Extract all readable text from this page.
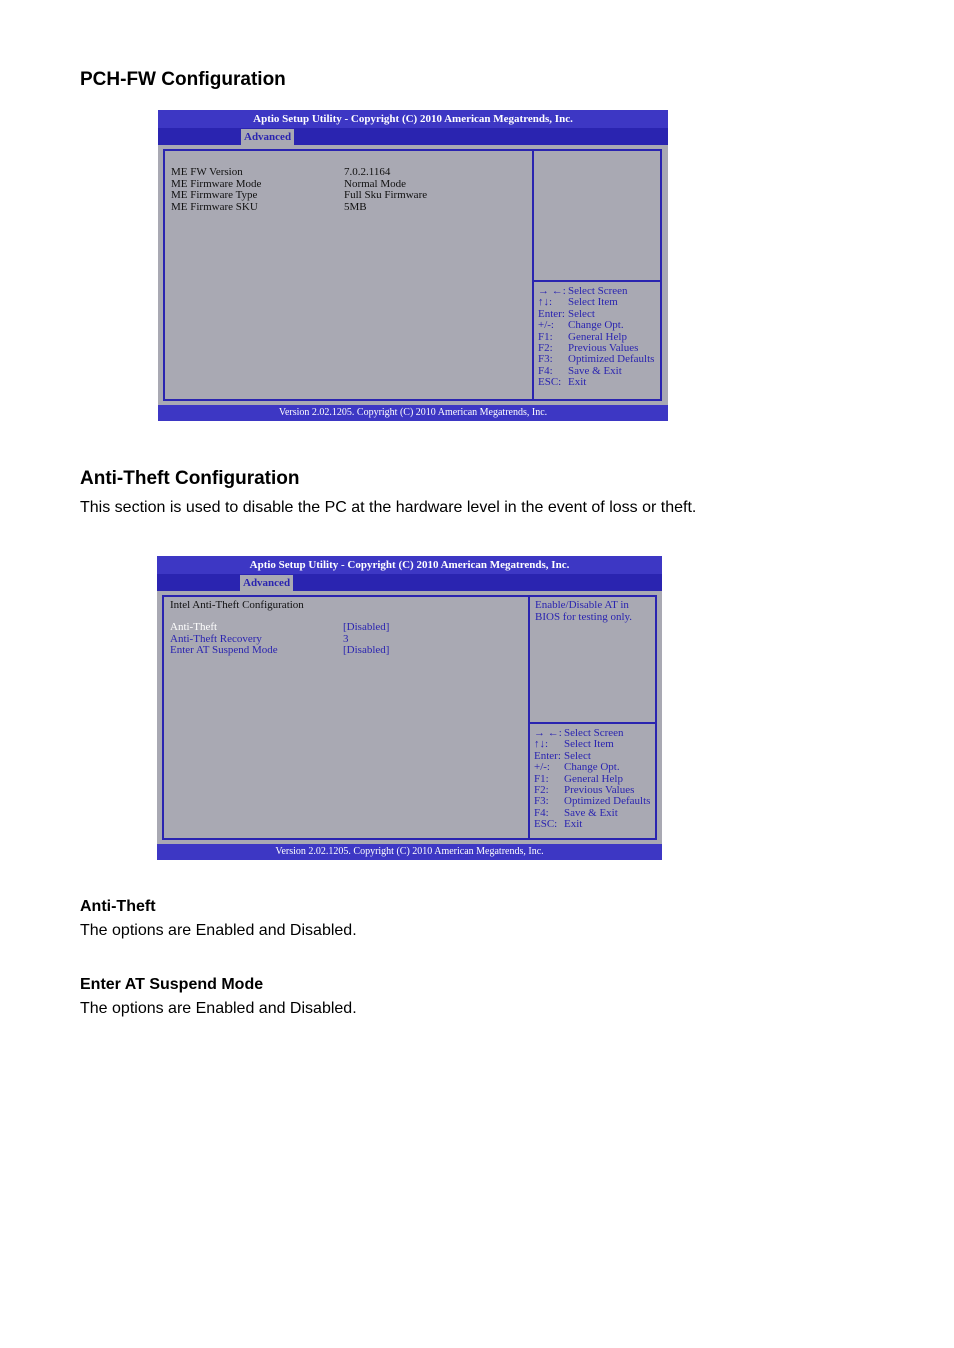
PCH-FW Configuration
Aptio Setup Utility - Copyright (C) 2010 American Megatrends, Inc.
Advanced
ME FW Version	7.0.2.1164
ME Firmware Mode	Normal Mode
ME Firmware Type	Full Sku Firmware
ME Firmware SKU	5MB
→ ←: Select Screen
↑↓: Select Item
Enter: Select
+/-: Change Opt.
F1: General Help
F2: Previous Values
F3: Optimized Defaults
F4: Save & Exit
ESC: Exit
Version 2.02.1205. Copyright (C) 2010 American Megatrends, Inc.
Anti-Theft Configuration

This section is used to disable the PC at the hardware level in the event of loss or theft.

Aptio Setup Utility - Copyright (C) 2010 American Megatrends, Inc.
Advanced
Intel Anti-Theft Configuration
Anti-Theft	[Disabled]
Anti-Theft Recovery	3
Enter AT Suspend Mode	[Disabled]
Enable/Disable AT in
BIOS for testing only.
→ ←: Select Screen
↑↓: Select Item
Enter: Select
+/-: Change Opt.
F1: General Help
F2: Previous Values
F3: Optimized Defaults
F4: Save & Exit
ESC: Exit
Version 2.02.1205. Copyright (C) 2010 American Megatrends, Inc.
Anti-Theft

The options are Enabled and Disabled.

Enter AT Suspend Mode

The options are Enabled and Disabled.
